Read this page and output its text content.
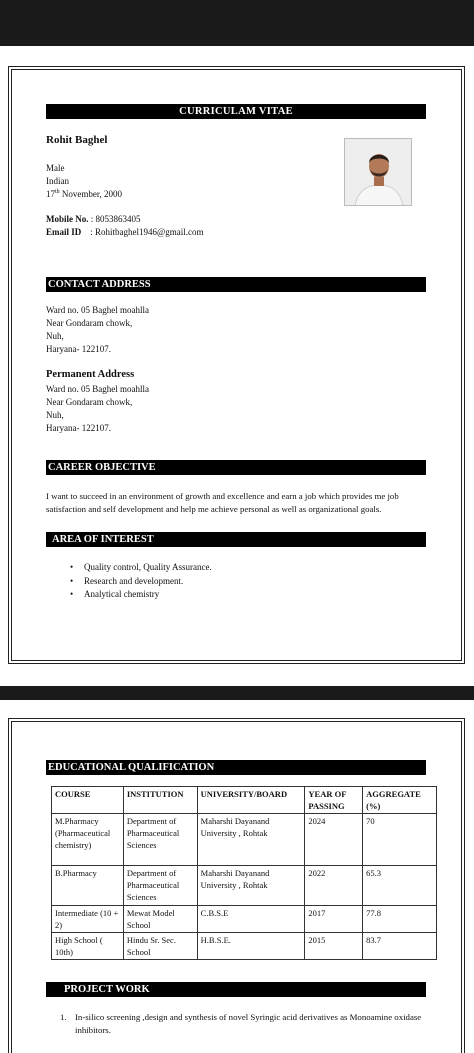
CURRICULAM VITAE
Rohit Baghel
Male
Indian
17th November, 2000
Mobile No. : 8053863405
Email ID : Rohitbaghel1946@gmail.com
CONTACT ADDRESS
Ward no. 05 Baghel moahlla
Near Gondaram chowk,
Nuh,
Haryana- 122107.
Permanent Address
Ward no. 05 Baghel moahlla
Near Gondaram chowk,
Nuh,
Haryana- 122107.
CAREER OBJECTIVE
I want to succeed in an environment of growth and excellence and earn a job which provides me job satisfaction and self development and help me achieve personal as well as organizational goals.
AREA OF INTEREST
• Quality control, Quality Assurance.
• Research and development.
• Analytical chemistry
EDUCATIONAL QUALIFICATION
COURSE	INSTITUTION	UNIVERSITY/BOARD	YEAR OF PASSING	AGGREGATE (%)
M.Pharmacy (Pharmaceutical chemistry)	Department of Pharmaceutical Sciences	Maharshi Dayanand University , Rohtak	2024	70
B.Pharmacy	Department of Pharmaceutical Sciences	Maharshi Dayanand University , Rohtak	2022	65.3
Intermediate (10 + 2)	Mewat Model School	C.B.S.E	2017	77.8
High School ( 10th)	Hindu Sr. Sec. School	H.B.S.E.	2015	83.7
PROJECT WORK
1. In-silico screening ,design and synthesis of novel Syringic acid derivatives as Monoamine oxidase inhibitors.
